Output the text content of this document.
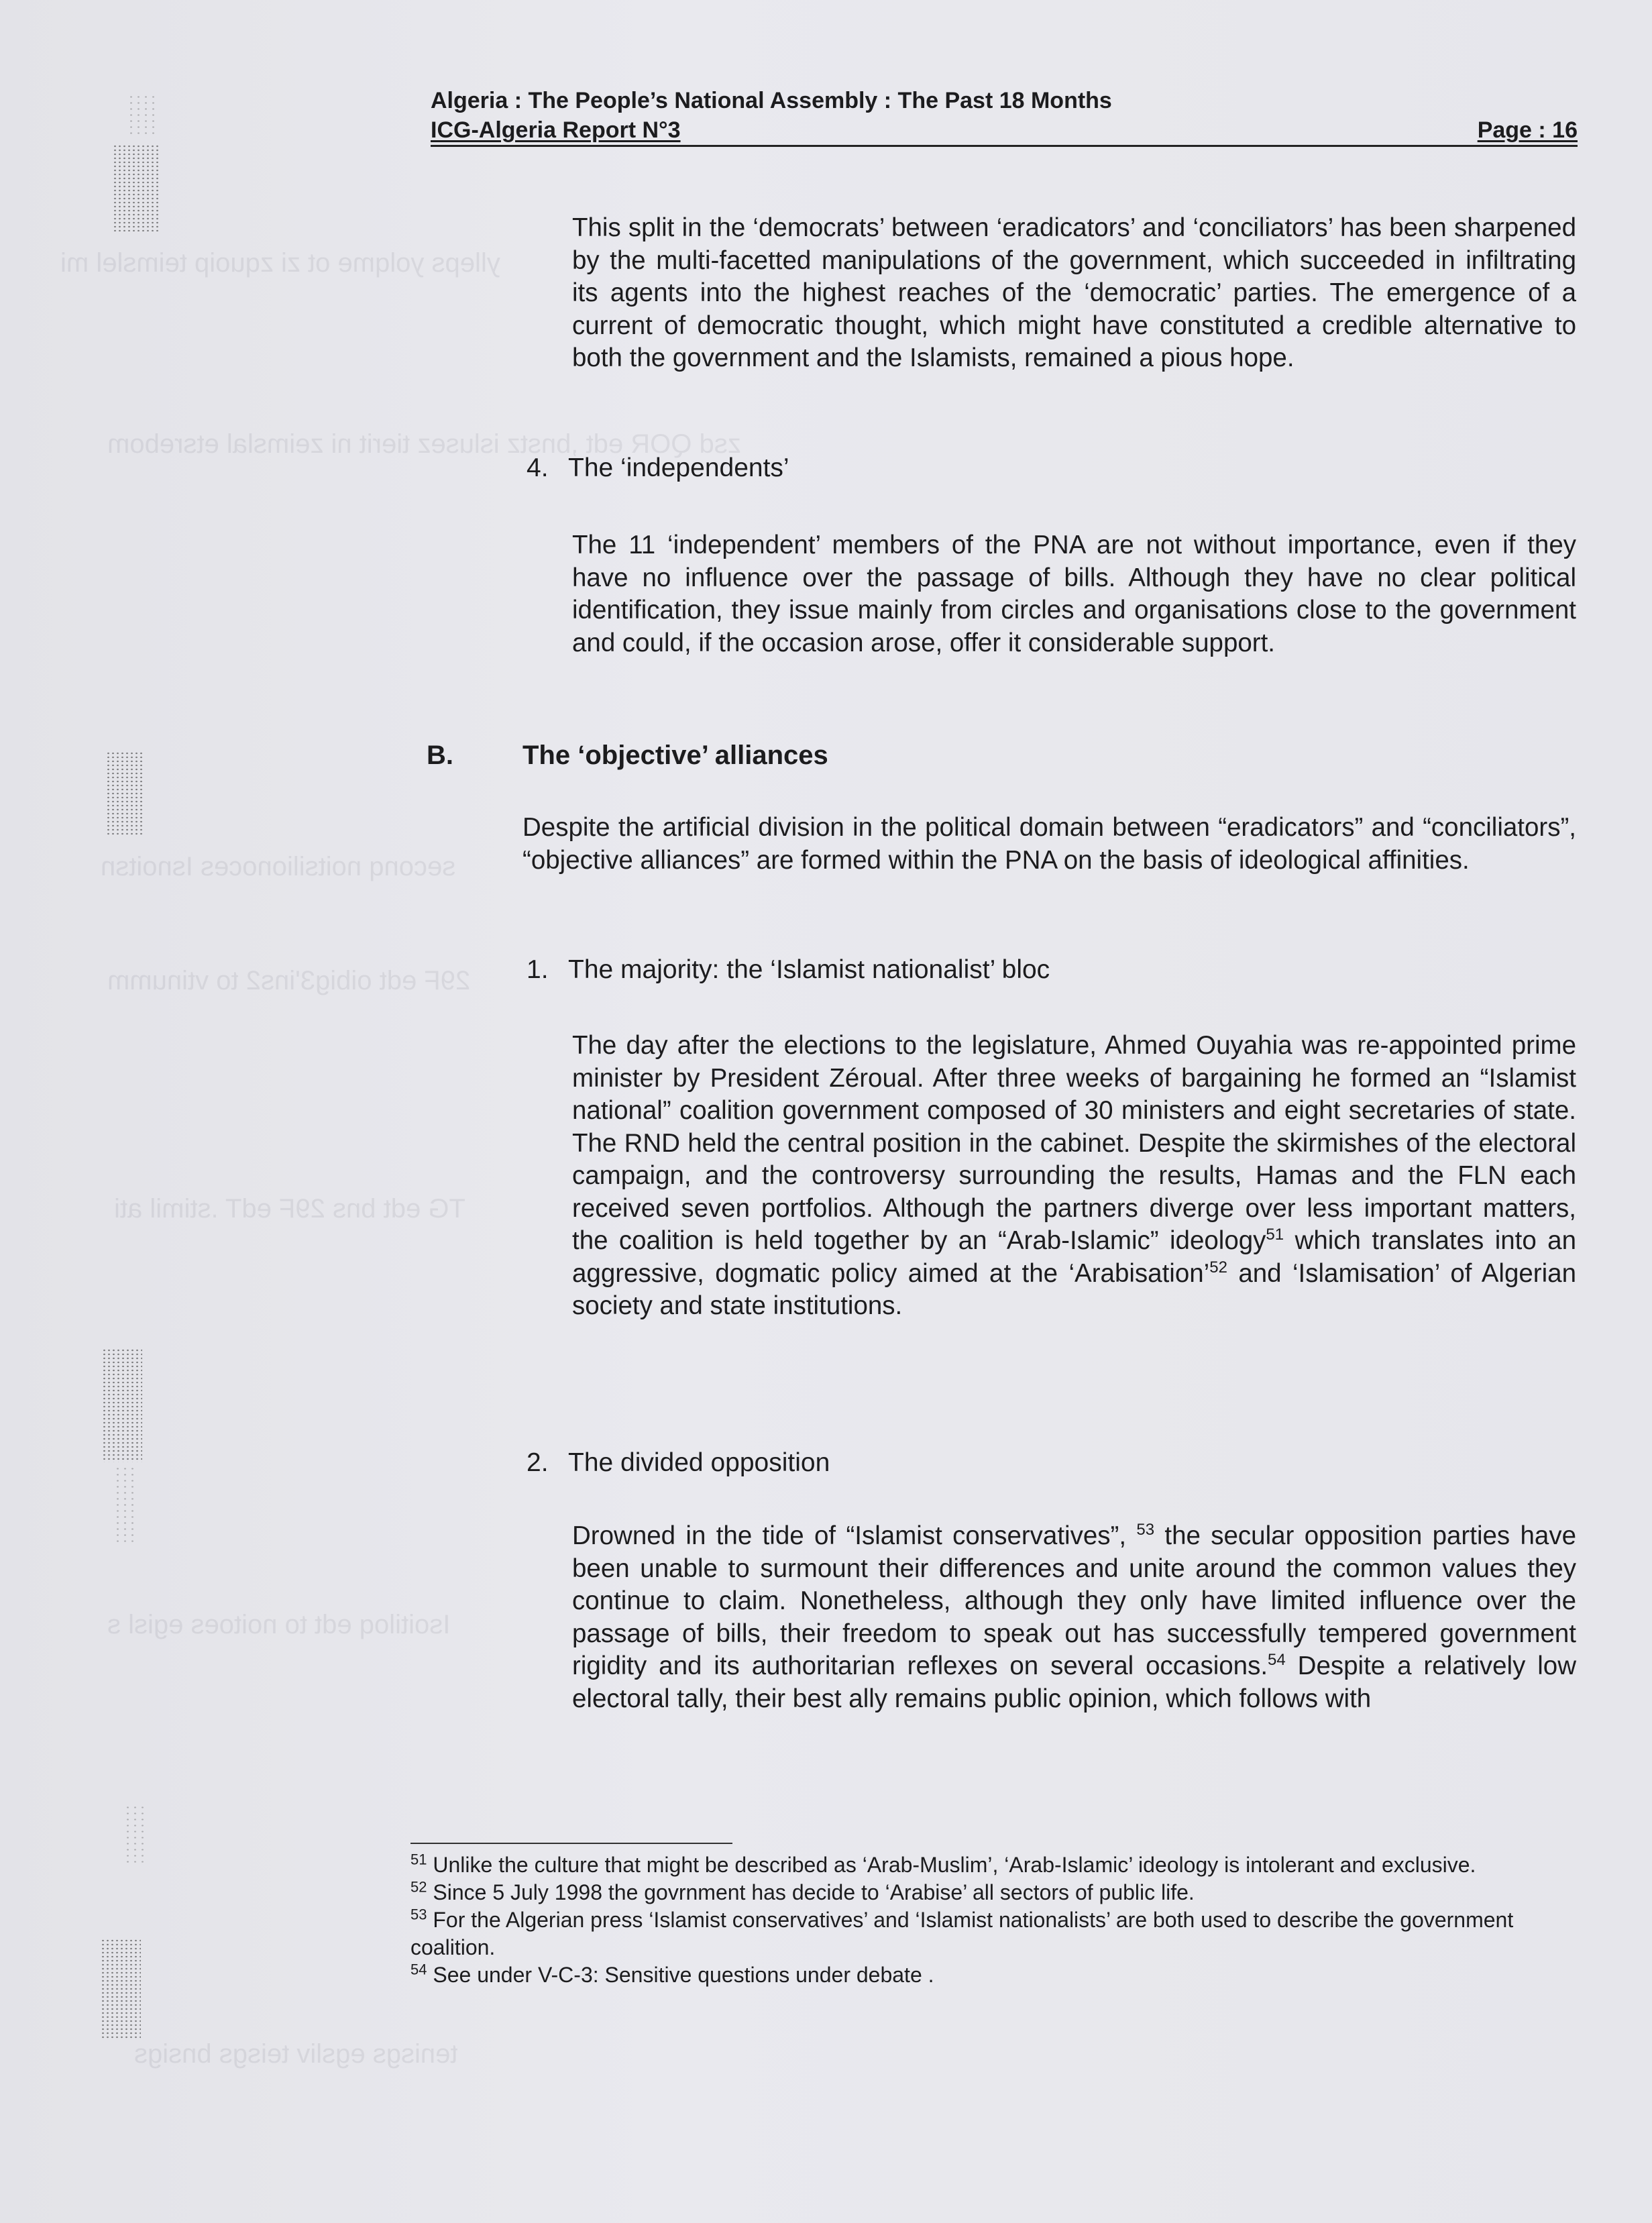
ylleps yolqme ot zi zquoip teimslel mi
zsd QOR edt ,bnstz islusez tierit ni zeimslal etsrebom
seconq noitsilionoces Isnoitsn
29F edt oibig3'ins2 to vtinumm
TG edt bns 29F edT .stimil ati
Isoitiloq edt to noitoes egisl s
tenisgs egsliv teisgs bnsigs
Algeria : The People’s National Assembly : The Past 18 Months
ICG-Algeria Report N°3	Page : 16

This split in the ‘democrats’ between ‘eradicators’ and ‘conciliators’ has been sharpened by the multi-facetted manipulations of the government, which succeeded in infiltrating its agents into the highest reaches of the ‘democratic’ parties. The emergence of a current of democratic thought, which might have constituted a credible alternative to both the government and the Islamists, remained a pious hope.

4. The ‘independents’

The 11 ‘independent’ members of the PNA are not without importance, even if they have no influence over the passage of bills. Although they have no clear political identification, they issue mainly from circles and organisations close to the government and could, if the occasion arose, offer it considerable support.

B.	The ‘objective’ alliances

Despite the artificial division in the political domain between “eradicators” and “conciliators”, “objective alliances” are formed within the PNA on the basis of ideological affinities.

1. The majority: the ‘Islamist nationalist’ bloc

The day after the elections to the legislature, Ahmed Ouyahia was re-appointed prime minister by President Zéroual. After three weeks of bargaining he formed an “Islamist national” coalition government composed of 30 ministers and eight secretaries of state. The RND held the central position in the cabinet. Despite the skirmishes of the electoral campaign, and the controversy surrounding the results, Hamas and the FLN each received seven portfolios. Although the partners diverge over less important matters, the coalition is held together by an “Arab-Islamic” ideology$^{51}$ which translates into an aggressive, dogmatic policy aimed at the ‘Arabisation’$^{52}$ and ‘Islamisation’ of Algerian society and state institutions.

2. The divided opposition

Drowned in the tide of “Islamist conservatives”, $^{53}$ the secular opposition parties have been unable to surmount their differences and unite around the common values they continue to claim. Nonetheless, although they only have limited influence over the passage of bills, their freedom to speak out has successfully tempered government rigidity and its authoritarian reflexes on several occasions.$^{54}$ Despite a relatively low electoral tally, their best ally remains public opinion, which follows with

$^{51}$ Unlike the culture that might be described as ‘Arab-Muslim’, ‘Arab-Islamic’ ideology is intolerant and exclusive.

$^{52}$ Since 5 July 1998 the govrnment has decide to ‘Arabise’ all sectors of public life.

$^{53}$ For the Algerian press ‘Islamist conservatives’ and ‘Islamist nationalists’ are both used to describe the government coalition.

$^{54}$ See under V-C-3: Sensitive questions under debate .
